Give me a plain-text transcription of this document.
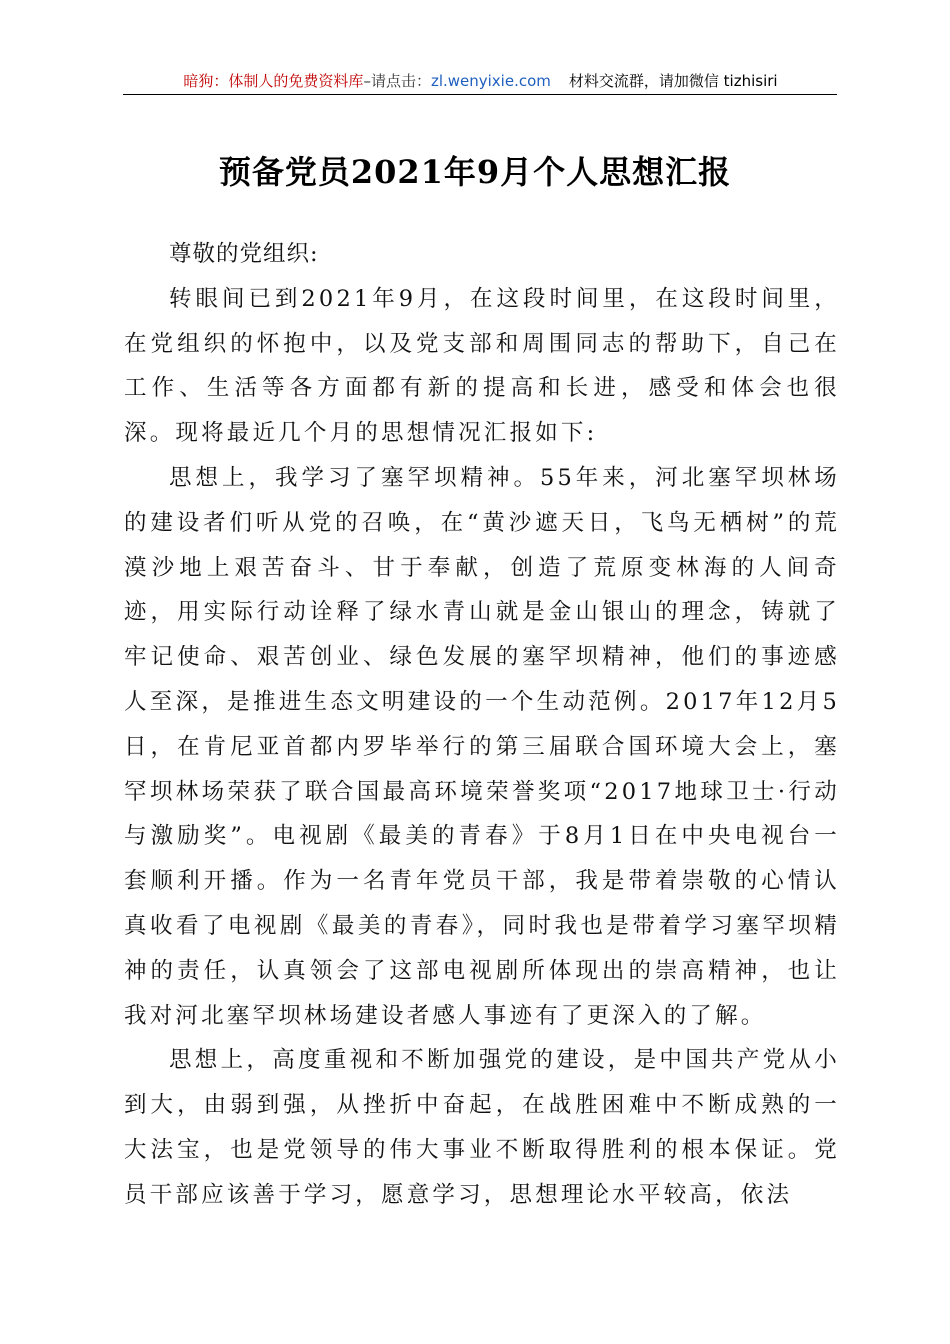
暗狗：体制人的免费资料库–请点击：zl.wenyixie.com 材料交流群，请加微信 tizhisiri
预备党员2021年9月个人思想汇报

尊敬的党组织:

转眼间已到2021年9月，在这段时间里，在这段时间里，在党组织的怀抱中，以及党支部和周围同志的帮助下，自己在工作、生活等各方面都有新的提高和长进，感受和体会也很深。现将最近几个月的思想情况汇报如下:

思想上，我学习了塞罕坝精神。55年来，河北塞罕坝林场的建设者们听从党的召唤，在“黄沙遮天日，飞鸟无栖树”的荒漠沙地上艰苦奋斗、甘于奉献，创造了荒原变林海的人间奇迹，用实际行动诠释了绿水青山就是金山银山的理念，铸就了牢记使命、艰苦创业、绿色发展的塞罕坝精神，他们的事迹感人至深，是推进生态文明建设的一个生动范例。2017年12月5日，在肯尼亚首都内罗毕举行的第三届联合国环境大会上，塞罕坝林场荣获了联合国最高环境荣誉奖项“2017地球卫士·行动与激励奖”。电视剧《最美的青春》于8月1日在中央电视台一套顺利开播。作为一名青年党员干部，我是带着崇敬的心情认真收看了电视剧《最美的青春》，同时我也是带着学习塞罕坝精神的责任，认真领会了这部电视剧所体现出的崇高精神，也让我对河北塞罕坝林场建设者感人事迹有了更深入的了解。

思想上，高度重视和不断加强党的建设，是中国共产党从小到大，由弱到强，从挫折中奋起，在战胜困难中不断成熟的一大法宝，也是党领导的伟大事业不断取得胜利的根本保证。党员干部应该善于学习，愿意学习，思想理论水平较高，依法
